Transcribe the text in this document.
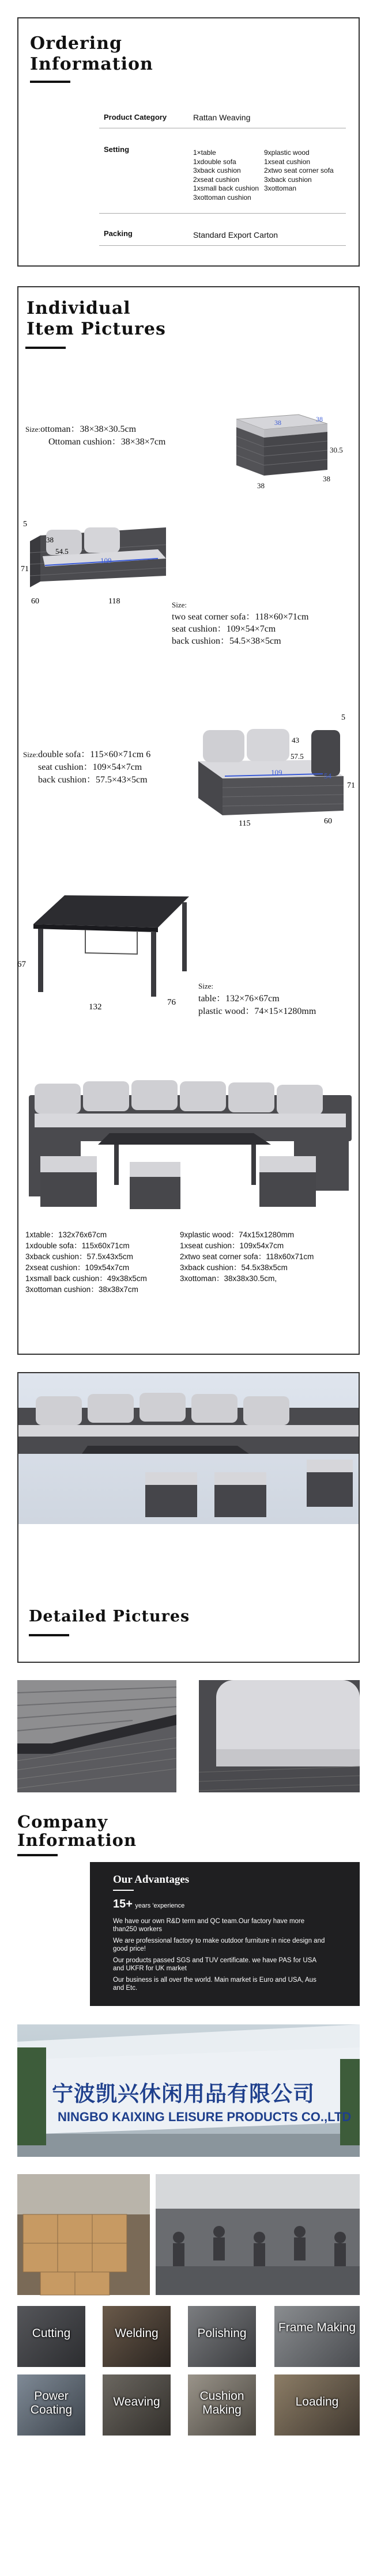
Ordering
Information
Product Category	Rattan Weaving
Setting	1×table
1xdouble sofa
3xback cushion
2xseat cushion
1xsmall back cushion
3xottoman cushion
9xplastic wood
1xseat cushion
2xtwo seat corner sofa
3xback cushion
3xottoman
Packing	Standard Export Carton
Individual
Item Pictures
Size:ottoman：38×38×30.5cm
Ottoman cushion：38×38×7cm
38	38
30.5
38
38
5
71
38
54.5
109
60	118	Size:
two seat corner sofa：118×60×71cm
seat cushion：109×54×7cm
back cushion：54.5×38×5cm
Size:double sofa：115×60×71cm 6
seat cushion：109×54×7cm
back cushion：57.5×43×5cm
5
43
57.5
109	54
71
115	60
67
132	76
Size:
table：132×76×67cm
plastic wood：74×15×1280mm
1xtable：132x76x67cm	9xplastic wood：74x15x1280mm
1xdouble sofa：115x60x71cm	1xseat cushion：109x54x7cm
3xback cushion：57.5x43x5cm	2xtwo seat corner sofa：118x60x71cm
2xseat cushion：109x54x7cm	3xback cushion：54.5x38x5cm
1xsmall back cushion：49x38x5cm	3xottoman：38x38x30.5cm,
3xottoman cushion：38x38x7cm
Detailed Pictures
Company
Information
Our Advantages
15+ years 'experience
We have our own R&D term and QC team.Our factory have more than250 workers
We are professional factory to make outdoor furniture in nice design and good price!
Our products passed SGS and TUV certificate. we have PAS for USA and UKFR for UK market
Our business is all over the world. Main market is Euro and USA, Aus and Etc.
宁波凯兴休闲用品有限公司
NINGBO KAIXING LEISURE PRODUCTS CO.,LTD
Cutting	Welding	Polishing	Frame Making
Power Coating
Weaving	Cushion Making
Loading
